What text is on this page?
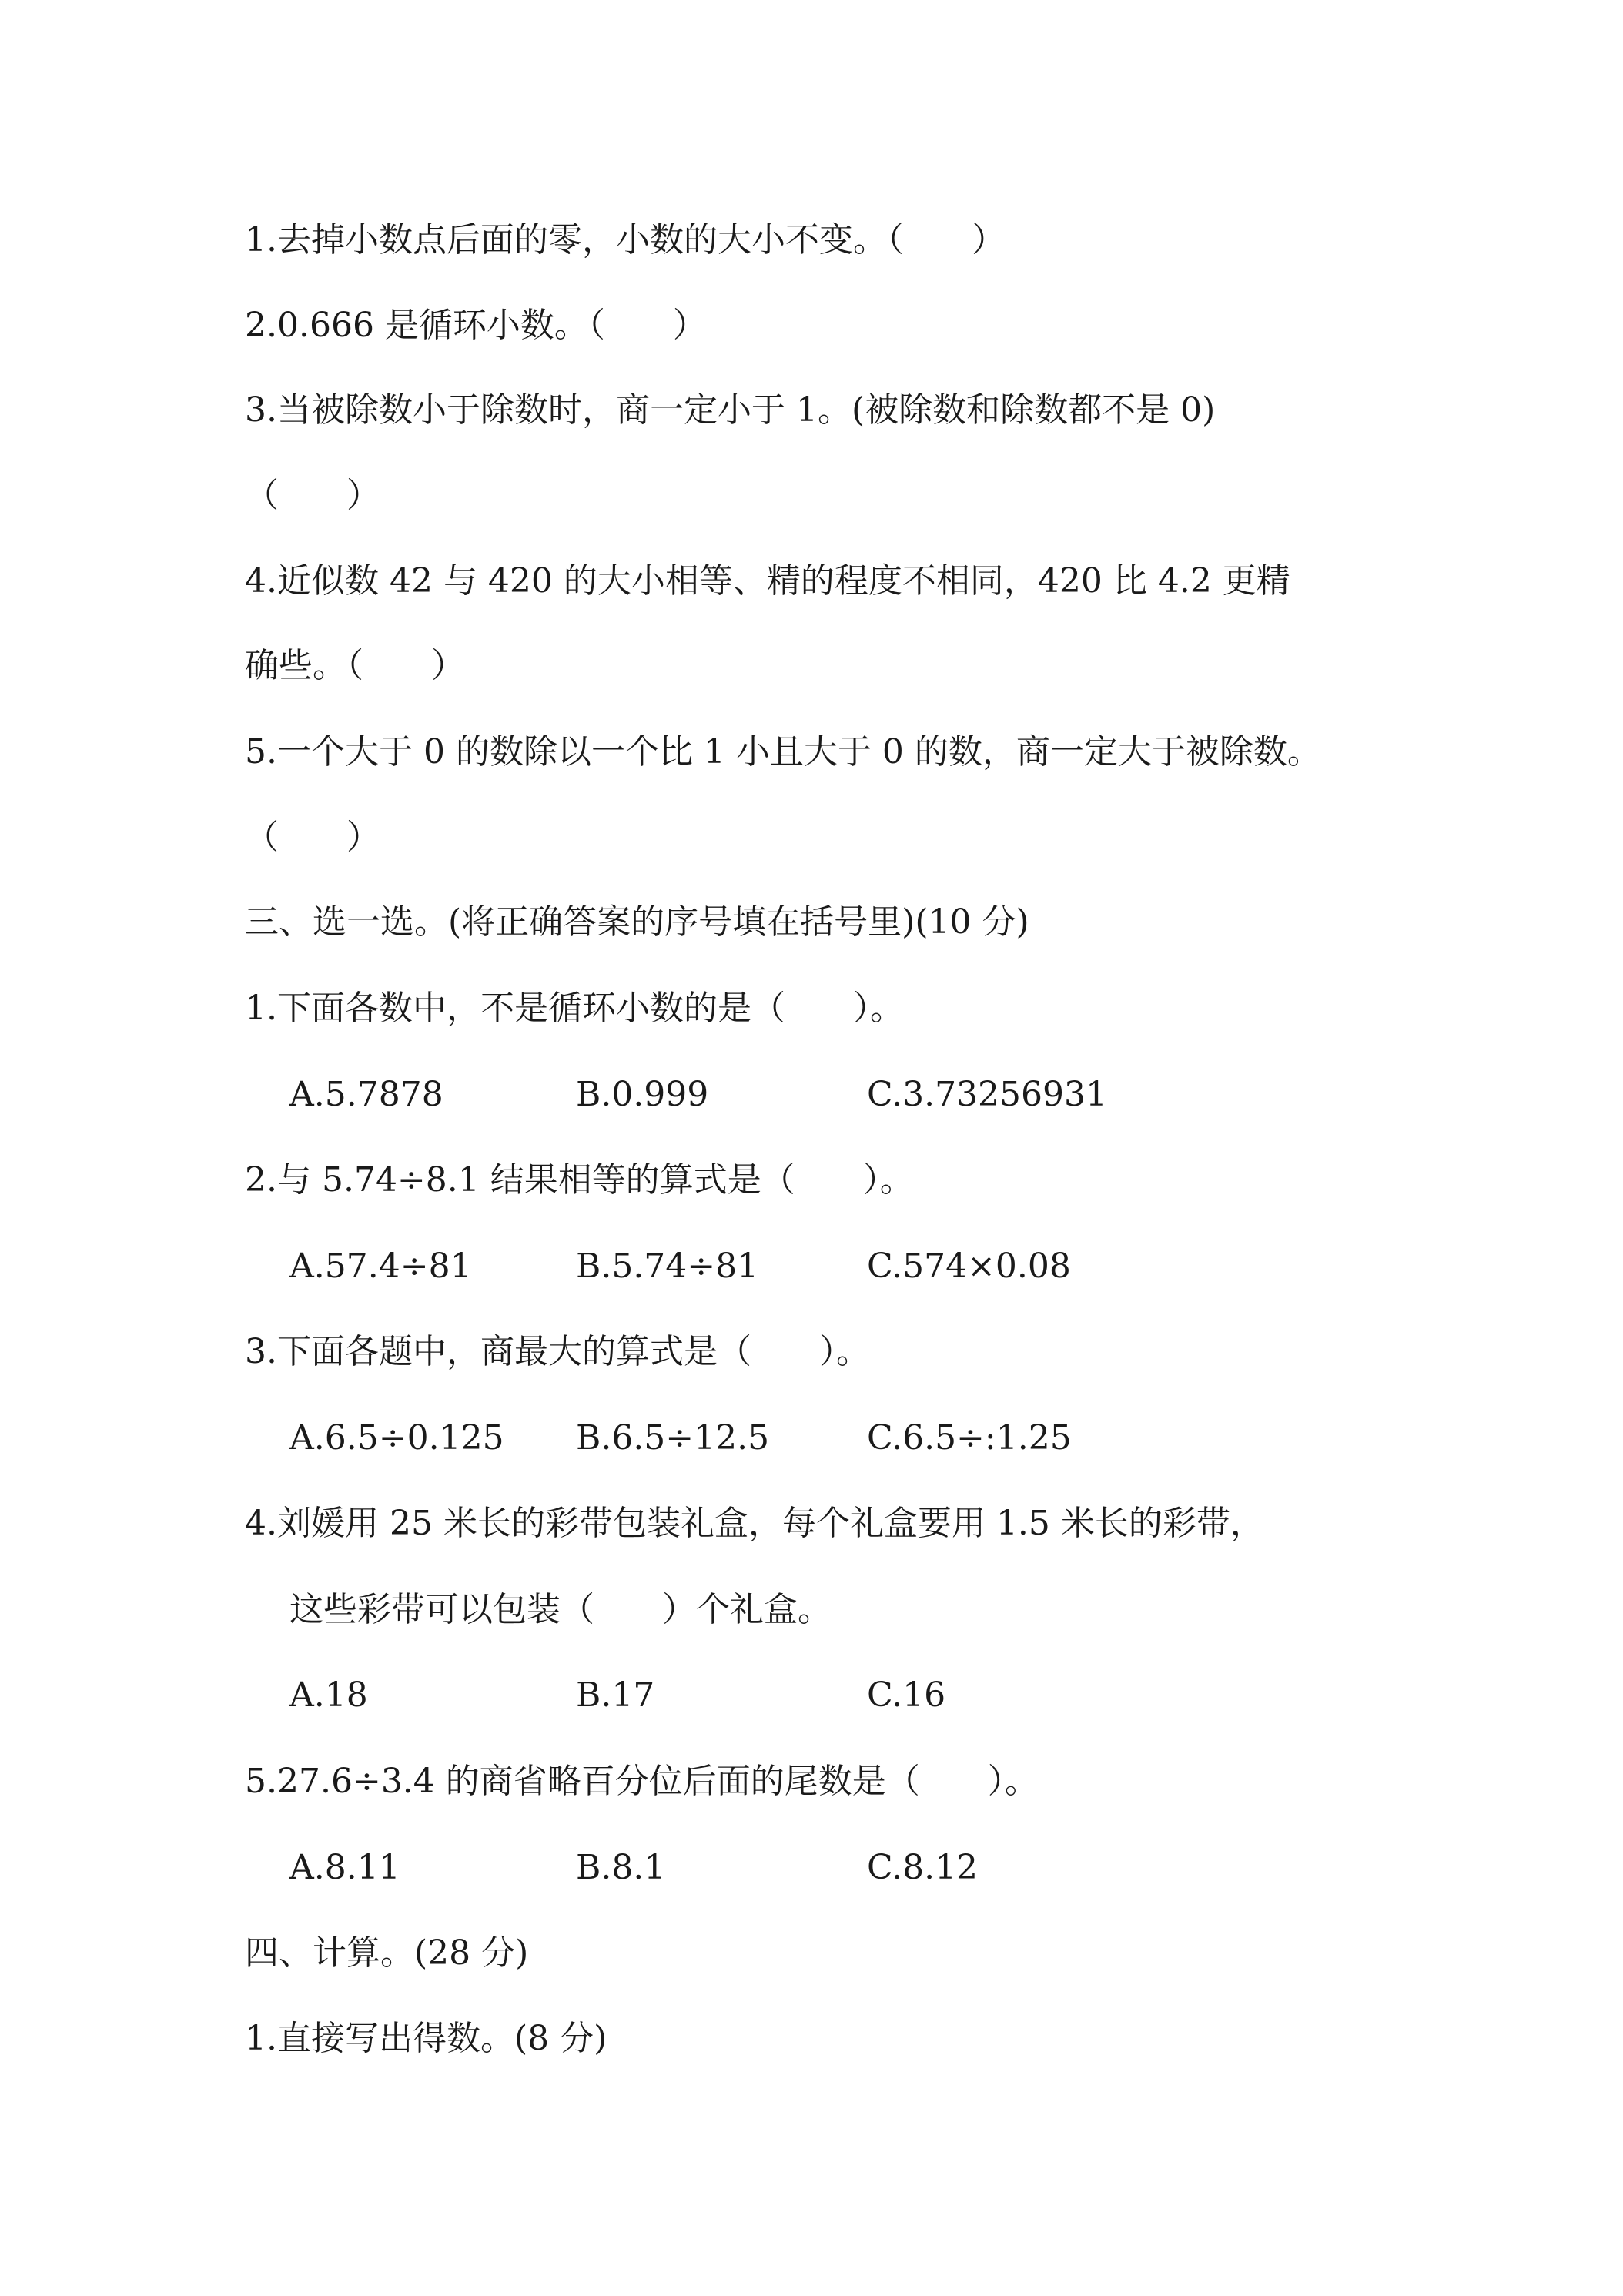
1.去掉小数点后面的零，小数的大小不变。（　　）
2.0.666 是循环小数。（　　）
3.当被除数小于除数时，商一定小于 1。(被除数和除数都不是 0)
（　　）
4.近似数 42 与 420 的大小相等、精的程度不相同，420 比 4.2 更精
确些。（　　）
5.一个大于 0 的数除以一个比 1 小且大于 0 的数，商一定大于被除数。
（　　）
三、选一选。(将正确答案的序号填在括号里)(10 分)
1.下面各数中，不是循环小数的是（　　）。
A.5.7878	B.0.999	C.3.73256931
2.与 5.74÷8.1 结果相等的算式是（　　）。
A.57.4÷81	B.5.74÷81	C.574×0.08
3.下面各题中，商最大的算式是（　　）。
A.6.5÷0.125 B.6.5÷12.5	C.6.5÷:1.25
4.刘媛用 25 米长的彩带包装礼盒，每个礼盒要用 1.5 米长的彩带，
这些彩带可以包装（　　）个礼盒。
A.18	B.17	C.16
5.27.6÷3.4 的商省略百分位后面的尾数是（　　）。
A.8.11	B.8.1	C.8.12
四、计算。(28 分)
1.直接写出得数。(8 分)
